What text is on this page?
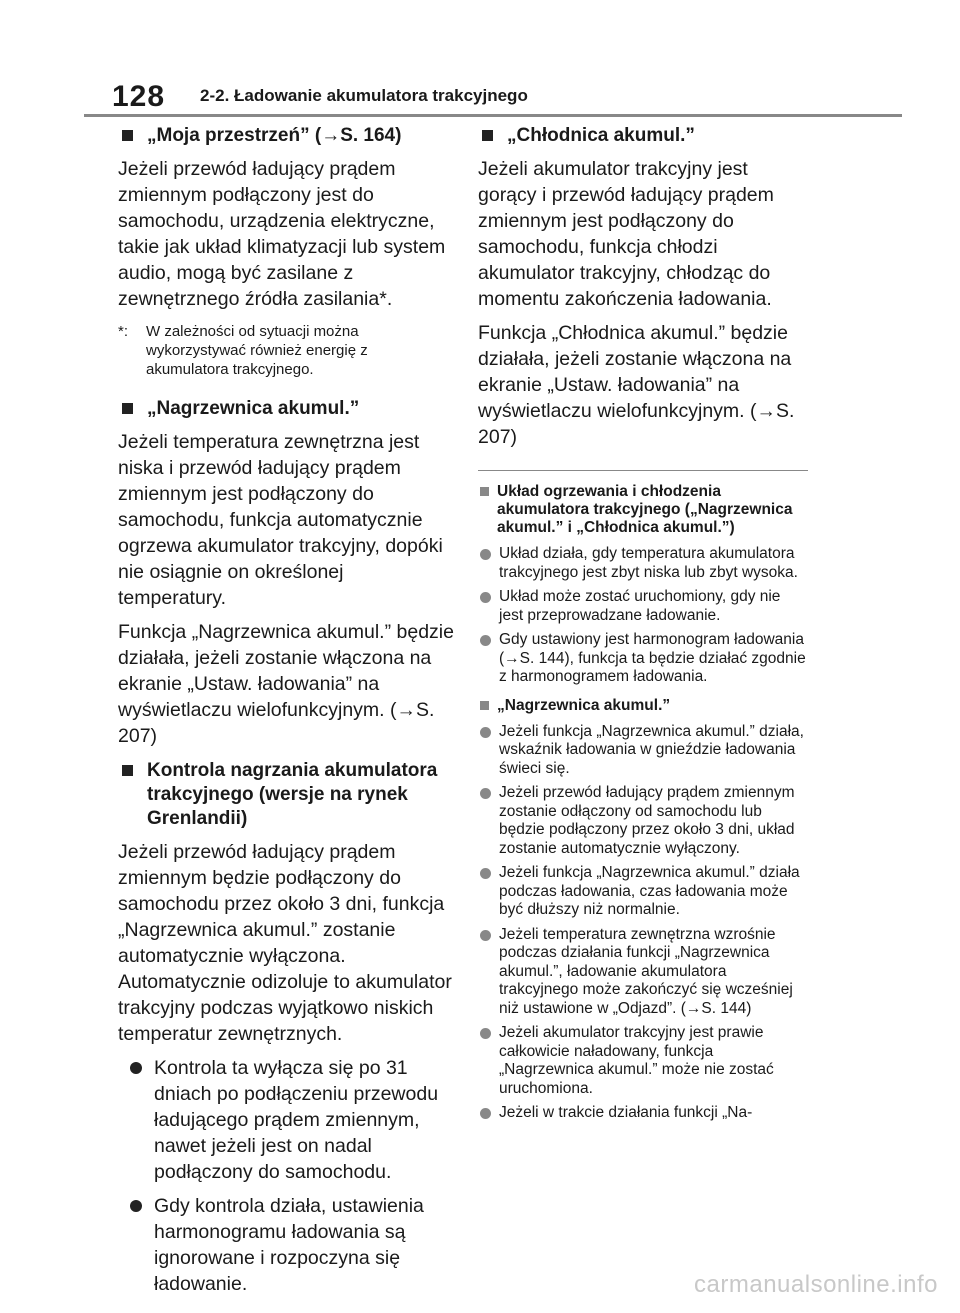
128 2-2. Ładowanie akumulatora trakcyjnego
„Moja przestrzeń” (→S. 164)

Jeżeli przewód ładujący prądem zmiennym podłączony jest do samochodu, urządzenia elektryczne, takie jak układ klimatyzacji lub system audio, mogą być zasilane z zewnętrznego źródła zasilania*.

*:	W zależności od sytuacji można wykorzystywać również energię z akumulatora trakcyjnego.
„Nagrzewnica akumul.”

Jeżeli temperatura zewnętrzna jest niska i przewód ładujący prądem zmiennym jest podłączony do samochodu, funkcja automatycznie ogrzewa akumulator trakcyjny, dopóki nie osiągnie on określonej temperatury.

Funkcja „Nagrzewnica akumul.” będzie działała, jeżeli zostanie włączona na ekranie „Ustaw. ładowania” na wyświetlaczu wielofunkcyjnym. (→S. 207)

Kontrola nagrzania akumulatora trakcyjnego (wersje na rynek Grenlandii)

Jeżeli przewód ładujący prądem zmiennym będzie podłączony do samochodu przez około 3 dni, funkcja „Nagrzewnica akumul.” zostanie automatycznie wyłączona. Automatycznie odizoluje to akumulator trakcyjny podczas wyjątkowo niskich temperatur zewnętrznych.

Kontrola ta wyłącza się po 31 dniach po podłączeniu przewodu ładującego prądem zmiennym, nawet jeżeli jest on nadal podłączony do samochodu.
Gdy kontrola działa, ustawienia harmonogramu ładowania są ignorowane i rozpoczyna się ładowanie.
„Chłodnica akumul.”

Jeżeli akumulator trakcyjny jest gorący i przewód ładujący prądem zmiennym jest podłączony do samochodu, funkcja chłodzi akumulator trakcyjny, chłodząc do momentu zakończenia ładowania.

Funkcja „Chłodnica akumul.” będzie działała, jeżeli zostanie włączona na ekranie „Ustaw. ładowania” na wyświetlaczu wielofunkcyjnym. (→S. 207)

Układ ogrzewania i chłodzenia akumulatora trakcyjnego („Nagrzewnica akumul.” i „Chłodnica akumul.”)
Układ działa, gdy temperatura akumulatora trakcyjnego jest zbyt niska lub zbyt wysoka.
Układ może zostać uruchomiony, gdy nie jest przeprowadzane ładowanie.
Gdy ustawiony jest harmonogram ładowania (→S. 144), funkcja ta będzie działać zgodnie z harmonogramem ładowania.
„Nagrzewnica akumul.”
Jeżeli funkcja „Nagrzewnica akumul.” działa, wskaźnik ładowania w gnieździe ładowania świeci się.
Jeżeli przewód ładujący prądem zmiennym zostanie odłączony od samochodu lub będzie podłączony przez około 3 dni, układ zostanie automatycznie wyłączony.
Jeżeli funkcja „Nagrzewnica akumul.” działa podczas ładowania, czas ładowania może być dłuższy niż normalnie.
Jeżeli temperatura zewnętrzna wzrośnie podczas działania funkcji „Nagrzewnica akumul.”, ładowanie akumulatora trakcyjnego może zakończyć się wcześniej niż ustawione w „Odjazd”. (→S. 144)
Jeżeli akumulator trakcyjny jest prawie całkowicie naładowany, funkcja „Nagrzewnica akumul.” może nie zostać uruchomiona.
Jeżeli w trakcie działania funkcji „Na-
carmanualsonline.info
